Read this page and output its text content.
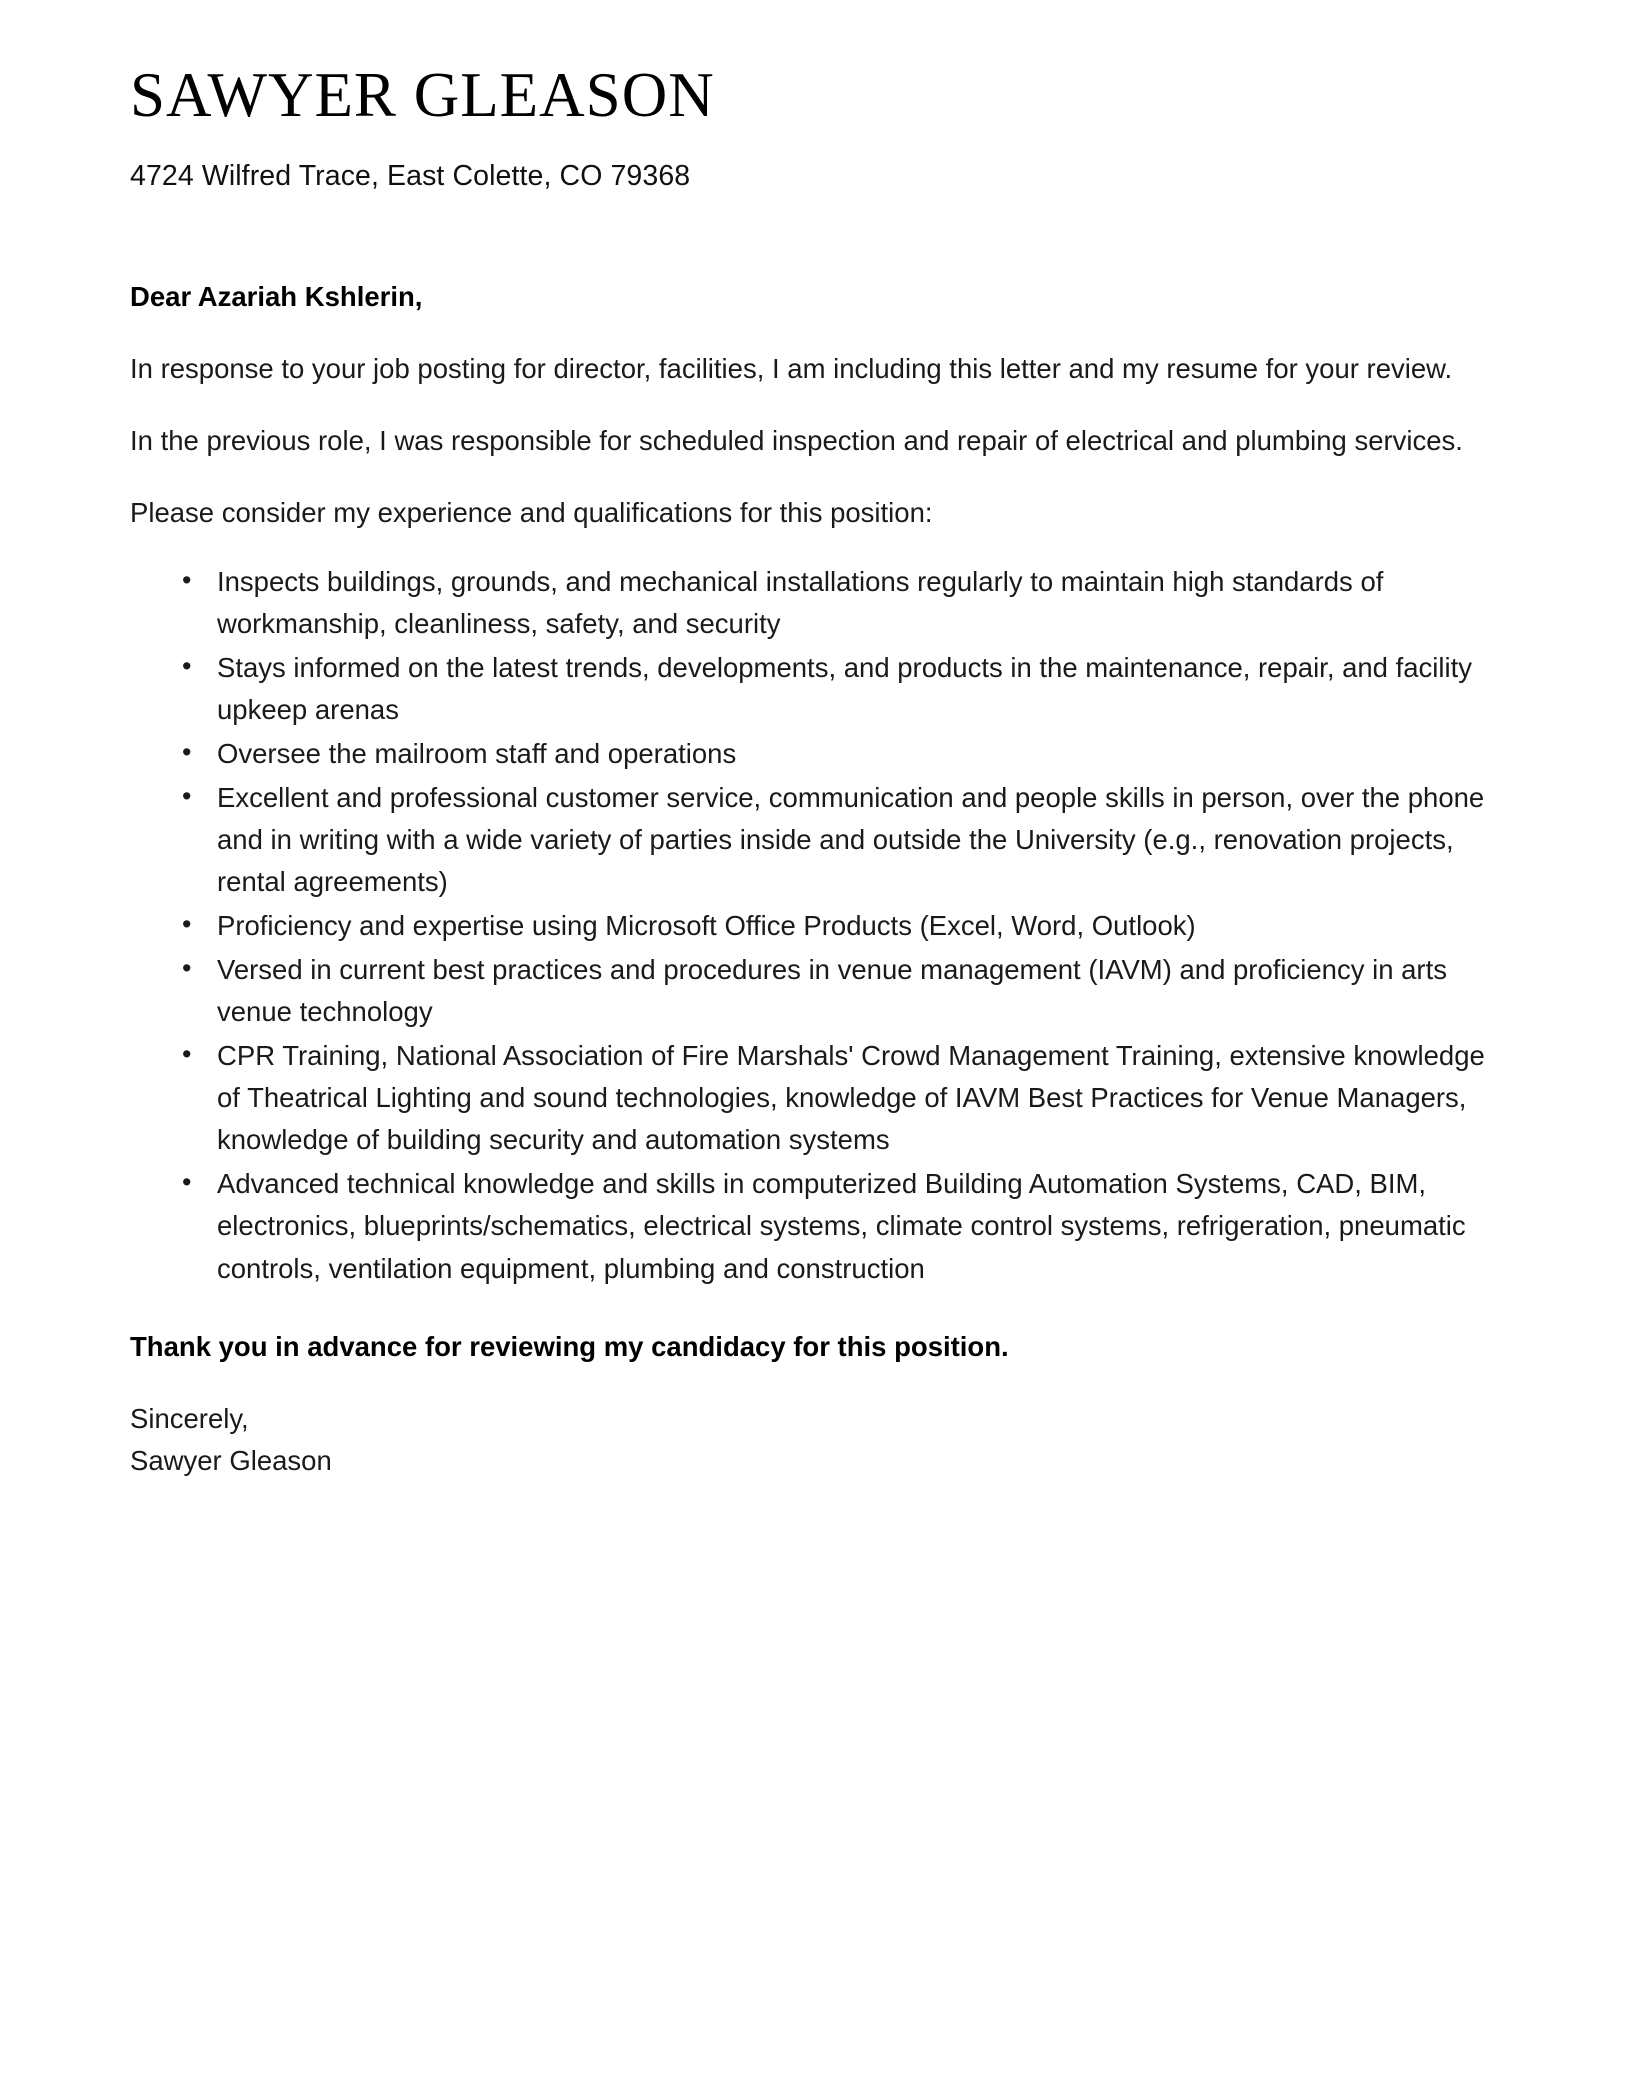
SAWYER GLEASON

4724 Wilfred Trace, East Colette, CO 79368

Dear Azariah Kshlerin,

In response to your job posting for director, facilities, I am including this letter and my resume for your review.

In the previous role, I was responsible for scheduled inspection and repair of electrical and plumbing services.

Please consider my experience and qualifications for this position:

• Inspects buildings, grounds, and mechanical installations regularly to maintain high standards of workmanship, cleanliness, safety, and security
• Stays informed on the latest trends, developments, and products in the maintenance, repair, and facility upkeep arenas
• Oversee the mailroom staff and operations
• Excellent and professional customer service, communication and people skills in person, over the phone and in writing with a wide variety of parties inside and outside the University (e.g., renovation projects, rental agreements)
• Proficiency and expertise using Microsoft Office Products (Excel, Word, Outlook)
• Versed in current best practices and procedures in venue management (IAVM) and proficiency in arts venue technology
• CPR Training, National Association of Fire Marshals' Crowd Management Training, extensive knowledge of Theatrical Lighting and sound technologies, knowledge of IAVM Best Practices for Venue Managers, knowledge of building security and automation systems
• Advanced technical knowledge and skills in computerized Building Automation Systems, CAD, BIM, electronics, blueprints/schematics, electrical systems, climate control systems, refrigeration, pneumatic controls, ventilation equipment, plumbing and construction

Thank you in advance for reviewing my candidacy for this position.

Sincerely,
Sawyer Gleason
